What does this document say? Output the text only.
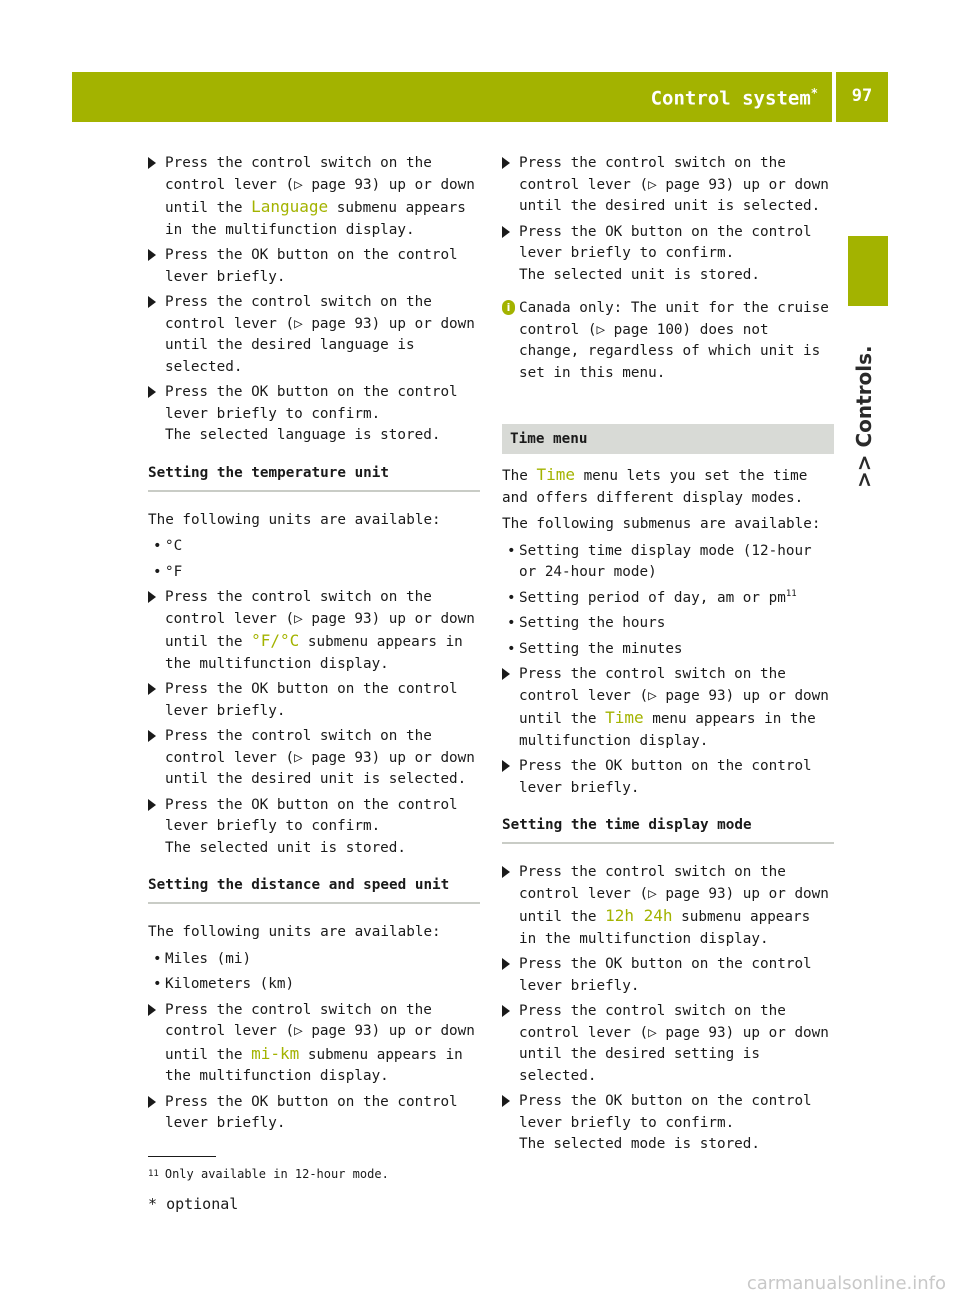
Control system*	97
>> Controls.
Press the control switch on the control lever (▷ page 93) up or down until the Language submenu appears in the multifunction display.
Press the OK button on the control lever briefly.
Press the control switch on the control lever (▷ page 93) up or down until the desired language is selected.
Press the OK button on the control lever briefly to confirm.
The selected language is stored.
Setting the temperature unit
The following units are available:
• °C
• °F
Press the control switch on the control lever (▷ page 93) up or down until the °F/°C submenu appears in the multifunction display.
Press the OK button on the control lever briefly.
Press the control switch on the control lever (▷ page 93) up or down until the desired unit is selected.
Press the OK button on the control lever briefly to confirm.
The selected unit is stored.
Setting the distance and speed unit
The following units are available:
• Miles (mi)
• Kilometers (km)
Press the control switch on the control lever (▷ page 93) up or down until the mi-km submenu appears in the multifunction display.
Press the OK button on the control lever briefly.
Press the control switch on the control lever (▷ page 93) up or down until the desired unit is selected.
Press the OK button on the control lever briefly to confirm.
The selected unit is stored.
i Canada only: The unit for the cruise control (▷ page 100) does not change, regardless of which unit is set in this menu.
Time menu
The Time menu lets you set the time and offers different display modes.
The following submenus are available:
• Setting time display mode (12-hour or 24-hour mode)
• Setting period of day, am or pm$^{11}$
• Setting the hours
• Setting the minutes
Press the control switch on the control lever (▷ page 93) up or down until the Time menu appears in the multifunction display.
Press the OK button on the control lever briefly.
Setting the time display mode
Press the control switch on the control lever (▷ page 93) up or down until the 12h 24h submenu appears in the multifunction display.
Press the OK button on the control lever briefly.
Press the control switch on the control lever (▷ page 93) up or down until the desired setting is selected.
Press the OK button on the control lever briefly to confirm.
The selected mode is stored.
$^{11}$ Only available in 12-hour mode.
* optional
carmanualsonline.info
